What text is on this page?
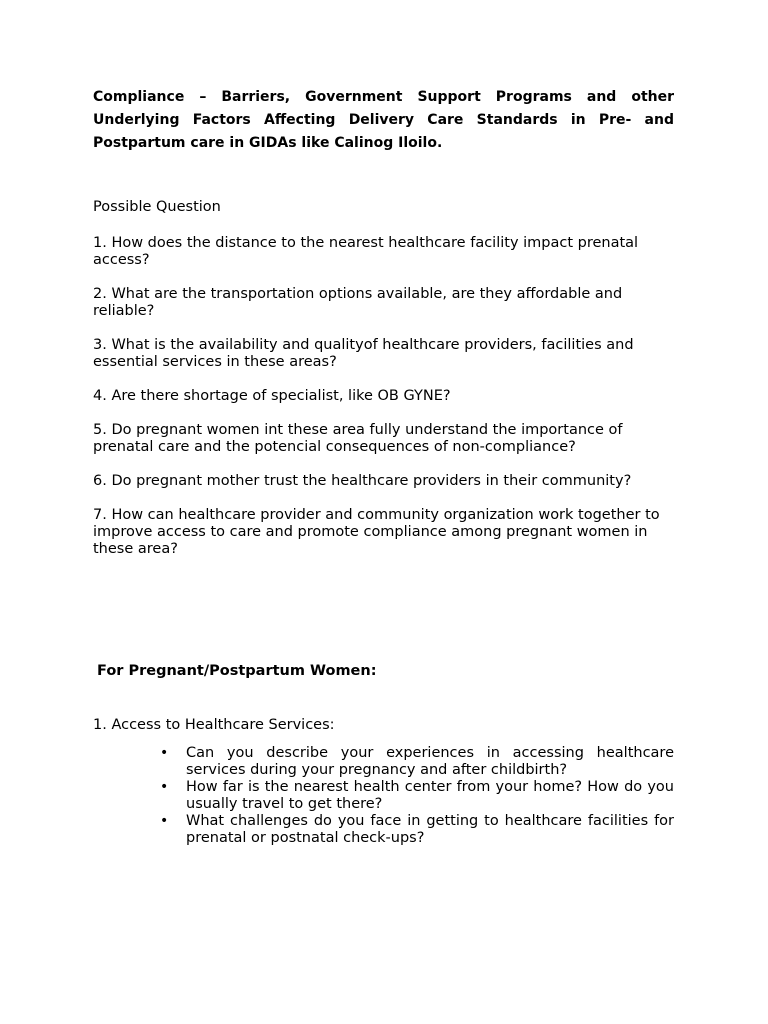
Compliance – Barriers, Government Support Programs and other Underlying Factors Affecting Delivery Care Standards in Pre- and Postpartum care in GIDAs like Calinog Iloilo.

Possible Question

1. How does the distance to the nearest healthcare facility impact prenatal access?
2. What are the transportation options available, are they affordable and reliable?
3. What is the availability and qualityof healthcare providers, facilities and essential services in these areas?
4. Are there shortage of specialist, like OB GYNE?
5. Do pregnant women int these area fully understand the importance of prenatal care and the potencial consequences of non-compliance?
6. Do pregnant mother trust the healthcare providers in their community?
7. How can healthcare provider and community organization work together to improve access to care and promote compliance among pregnant women in these area?

For Pregnant/Postpartum Women:

1. Access to Healthcare Services:

• Can you describe your experiences in accessing healthcare services during your pregnancy and after childbirth?
• How far is the nearest health center from your home? How do you usually travel to get there?
• What challenges do you face in getting to healthcare facilities for prenatal or postnatal check-ups?
